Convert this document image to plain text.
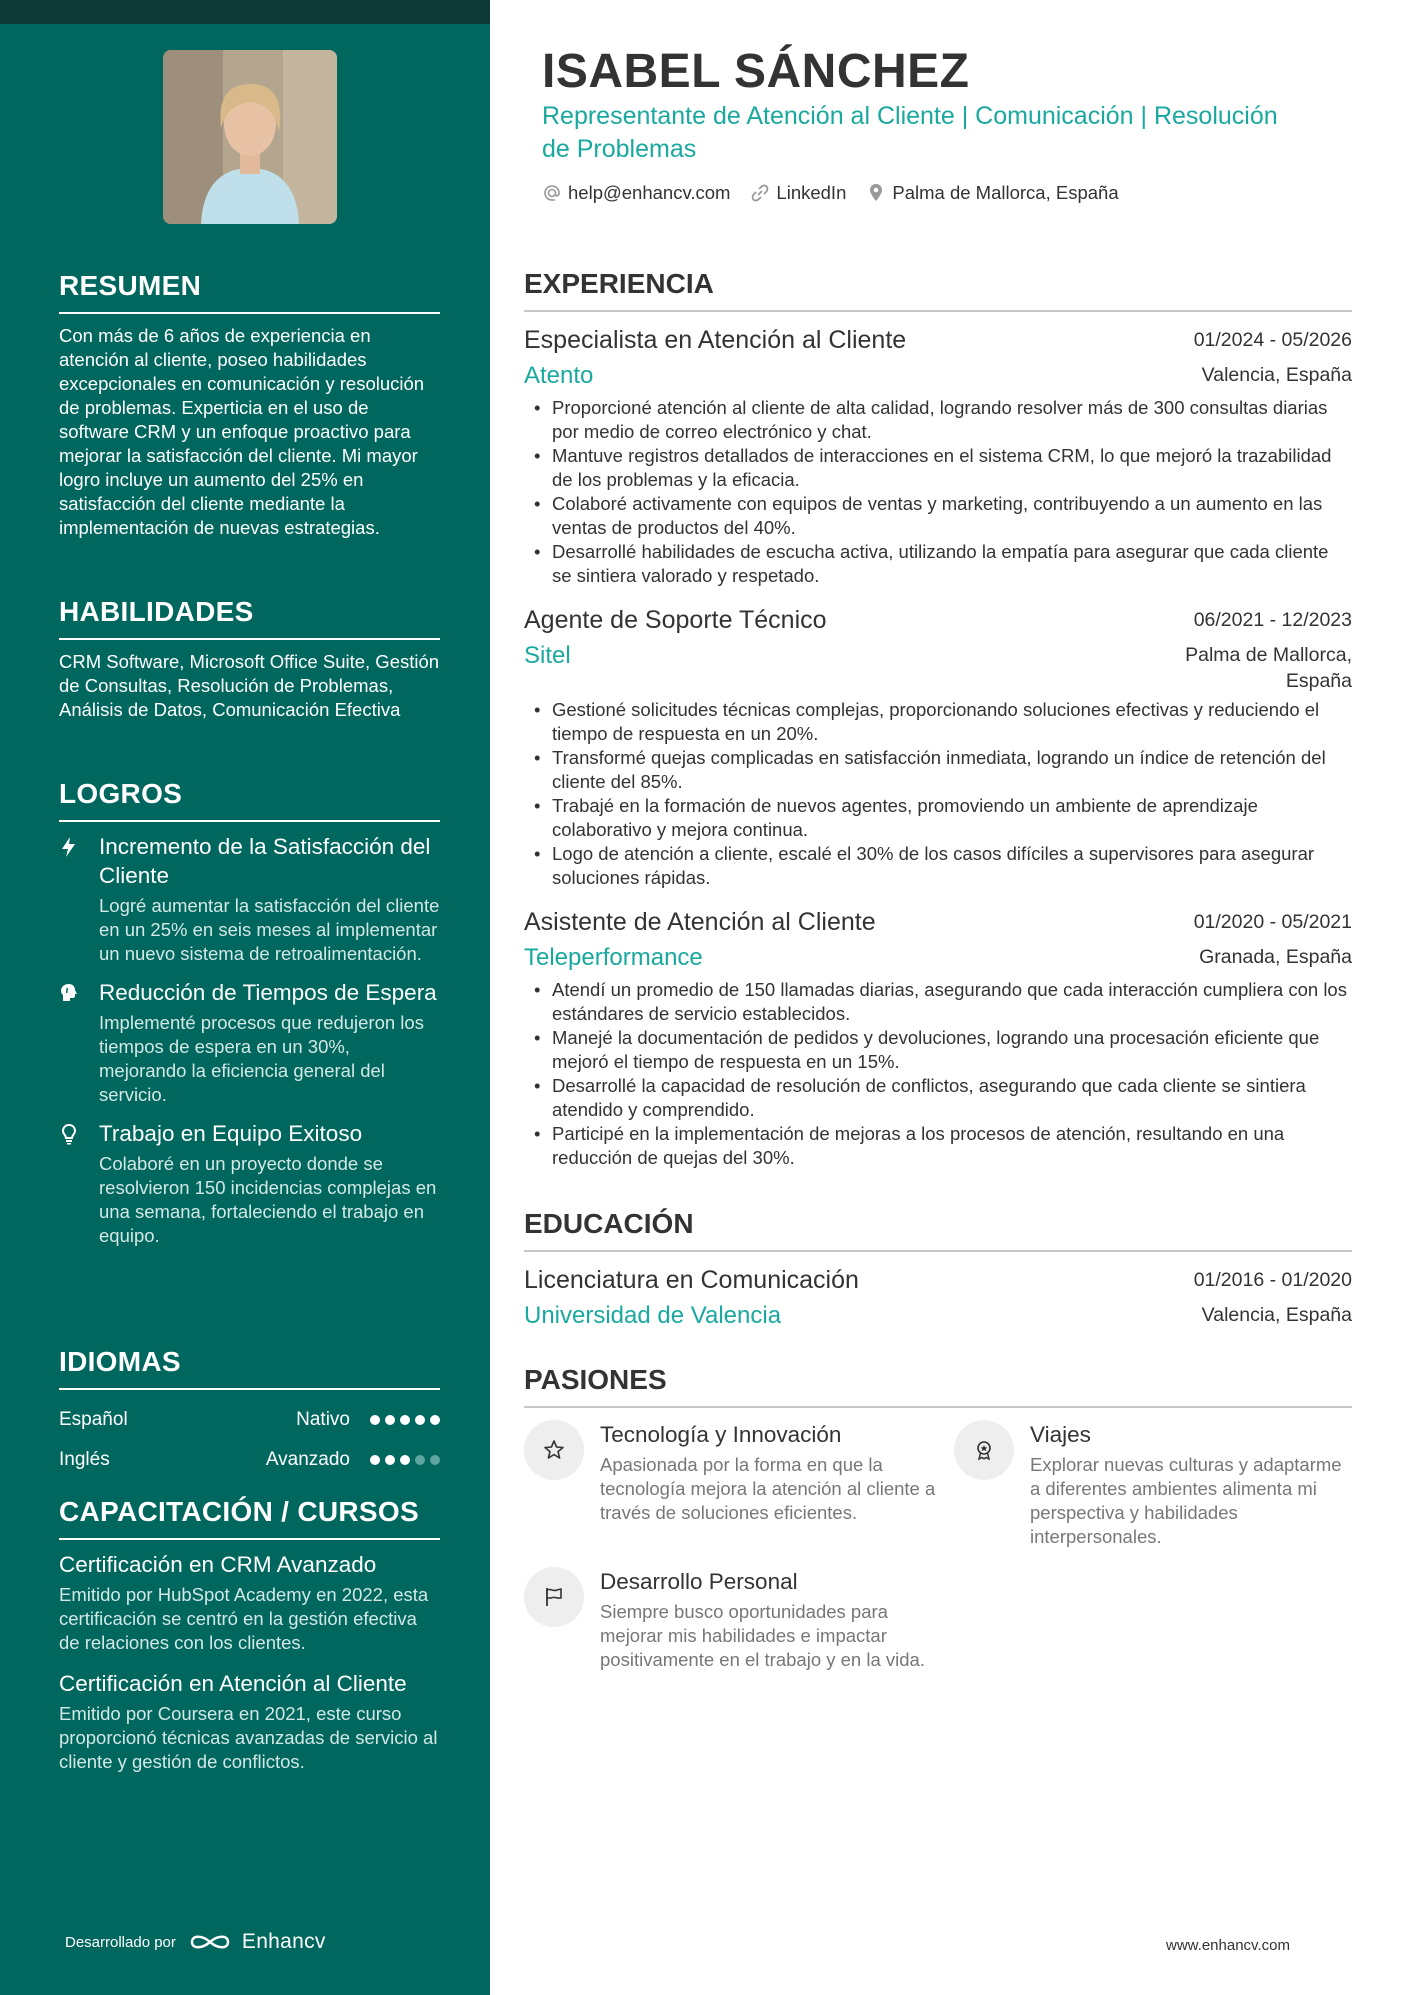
RESUMEN

Con más de 6 años de experiencia en atención al cliente, poseo habilidades excepcionales en comunicación y resolución de problemas. Experticia en el uso de software CRM y un enfoque proactivo para mejorar la satisfacción del cliente. Mi mayor logro incluye un aumento del 25% en satisfacción del cliente mediante la implementación de nuevas estrategias.

HABILIDADES

CRM Software, Microsoft Office Suite, Gestión de Consultas, Resolución de Problemas, Análisis de Datos, Comunicación Efectiva

LOGROS
Incremento de la Satisfacción del Cliente
Logré aumentar la satisfacción del cliente en un 25% en seis meses al implementar un nuevo sistema de retroalimentación.
Reducción de Tiempos de Espera
Implementé procesos que redujeron los tiempos de espera en un 30%, mejorando la eficiencia general del servicio.
Trabajo en Equipo Exitoso
Colaboré en un proyecto donde se resolvieron 150 incidencias complejas en una semana, fortaleciendo el trabajo en equipo.
IDIOMAS
Español	Nativo
Inglés	Avanzado
CAPACITACIÓN / CURSOS
Certificación en CRM Avanzado
Emitido por HubSpot Academy en 2022, esta certificación se centró en la gestión efectiva de relaciones con los clientes.
Certificación en Atención al Cliente
Emitido por Coursera en 2021, este curso proporcionó técnicas avanzadas de servicio al cliente y gestión de conflictos.
Desarrollado por	Enhancv
ISABEL SÁNCHEZ
Representante de Atención al Cliente | Comunicación | Resolución de Problemas
help@enhancv.com LinkedIn Palma de Mallorca, España
EXPERIENCIA
Especialista en Atención al Cliente	01/2024 - 05/2026
Atento	Valencia, España
• Proporcioné atención al cliente de alta calidad, logrando resolver más de 300 consultas diarias por medio de correo electrónico y chat.
• Mantuve registros detallados de interacciones en el sistema CRM, lo que mejoró la trazabilidad de los problemas y la eficacia.
• Colaboré activamente con equipos de ventas y marketing, contribuyendo a un aumento en las ventas de productos del 40%.
• Desarrollé habilidades de escucha activa, utilizando la empatía para asegurar que cada cliente se sintiera valorado y respetado.
Agente de Soporte Técnico	06/2021 - 12/2023
Sitel	Palma de Mallorca, España
• Gestioné solicitudes técnicas complejas, proporcionando soluciones efectivas y reduciendo el tiempo de respuesta en un 20%.
• Transformé quejas complicadas en satisfacción inmediata, logrando un índice de retención del cliente del 85%.
• Trabajé en la formación de nuevos agentes, promoviendo un ambiente de aprendizaje colaborativo y mejora continua.
• Logo de atención a cliente, escalé el 30% de los casos difíciles a supervisores para asegurar soluciones rápidas.
Asistente de Atención al Cliente	01/2020 - 05/2021
Teleperformance	Granada, España
• Atendí un promedio de 150 llamadas diarias, asegurando que cada interacción cumpliera con los estándares de servicio establecidos.
• Manejé la documentación de pedidos y devoluciones, logrando una procesación eficiente que mejoró el tiempo de respuesta en un 15%.
• Desarrollé la capacidad de resolución de conflictos, asegurando que cada cliente se sintiera atendido y comprendido.
• Participé en la implementación de mejoras a los procesos de atención, resultando en una reducción de quejas del 30%.
EDUCACIÓN
Licenciatura en Comunicación	01/2016 - 01/2020
Universidad de Valencia	Valencia, España
PASIONES
Tecnología y Innovación
Apasionada por la forma en que la tecnología mejora la atención al cliente a través de soluciones eficientes.
Viajes
Explorar nuevas culturas y adaptarme a diferentes ambientes alimenta mi perspectiva y habilidades interpersonales.
Desarrollo Personal
Siempre busco oportunidades para mejorar mis habilidades e impactar positivamente en el trabajo y en la vida.
www.enhancv.com
